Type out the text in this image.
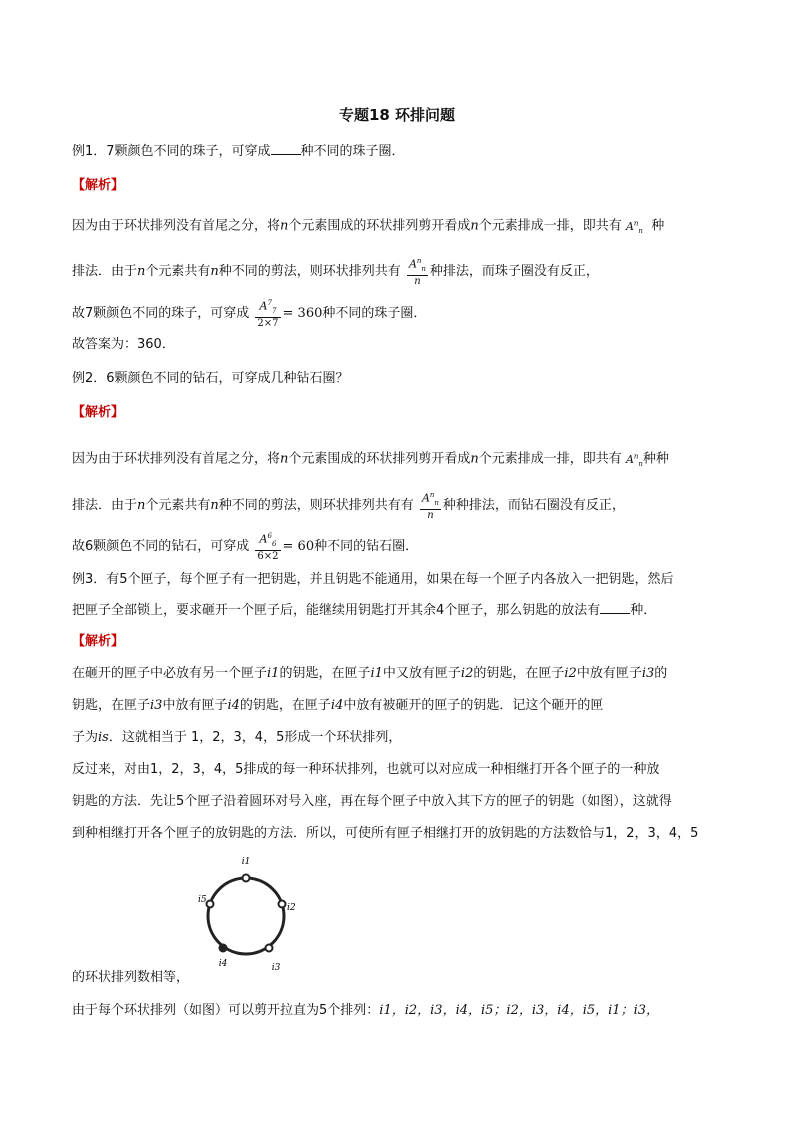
专题18 环排问题
例1．7颗颜色不同的珠子，可穿成 种不同的珠子圈．
【解析】
因为由于环状排列没有首尾之分，将n个元素围成的环状排列剪开看成n个元素排成一排，即共有 $A^n_n$ 种
排法．由于n个元素共有n种不同的剪法，则环状排列共有 $\frac{A^n_n}{n}$ 种排法，而珠子圈没有反正，
故7颗颜色不同的珠子，可穿成 $\frac{A^7_7}{2\times 7} = 360$种不同的珠子圈．
故答案为：360．
例2．6颗颜色不同的钻石，可穿成几种钻石圈？
【解析】
因为由于环状排列没有首尾之分，将n个元素围成的环状排列剪开看成n个元素排成一排，即共有 $A^n_n$种种
排法．由于n个元素共有n种不同的剪法，则环状排列共有有 $\frac{A^n_n}{n}$ 种种排法，而钻石圈没有反正，
故6颗颜色不同的钻石，可穿成 $\frac{A^6_6}{6\times 2} = 60$种不同的钻石圈．
例3．有5个匣子，每个匣子有一把钥匙，并且钥匙不能通用，如果在每一个匣子内各放入一把钥匙，然后
把匣子全部锁上，要求砸开一个匣子后，能继续用钥匙打开其余4个匣子，那么钥匙的放法有 种．
【解析】
在砸开的匣子中必放有另一个匣子i1的钥匙，在匣子i1中又放有匣子i2的钥匙，在匣子i2中放有匣子i3的
钥匙，在匣子i3中放有匣子i4的钥匙，在匣子i4中放有被砸开的匣子的钥匙．记这个砸开的匣
子为is．这就相当于 1，2，3，4，5形成一个环状排列，
反过来，对由1，2，3，4，5排成的每一种环状排列，也就可以对应成一种相继打开各个匣子的一种放
钥匙的方法．先让5个匣子沿着圆环对号入座，再在每个匣子中放入其下方的匣子的钥匙（如图），这就得
到种相继打开各个匣子的放钥匙的方法．所以，可使所有匣子相继打开的放钥匙的方法数恰与1，2，3，4，5
i1
i2
i3
i4
i5
的环状排列数相等，
由于每个环状排列（如图）可以剪开拉直为5个排列：i1，i2，i3，i4，i5；i2，i3，i4，i5，i1；i3，
